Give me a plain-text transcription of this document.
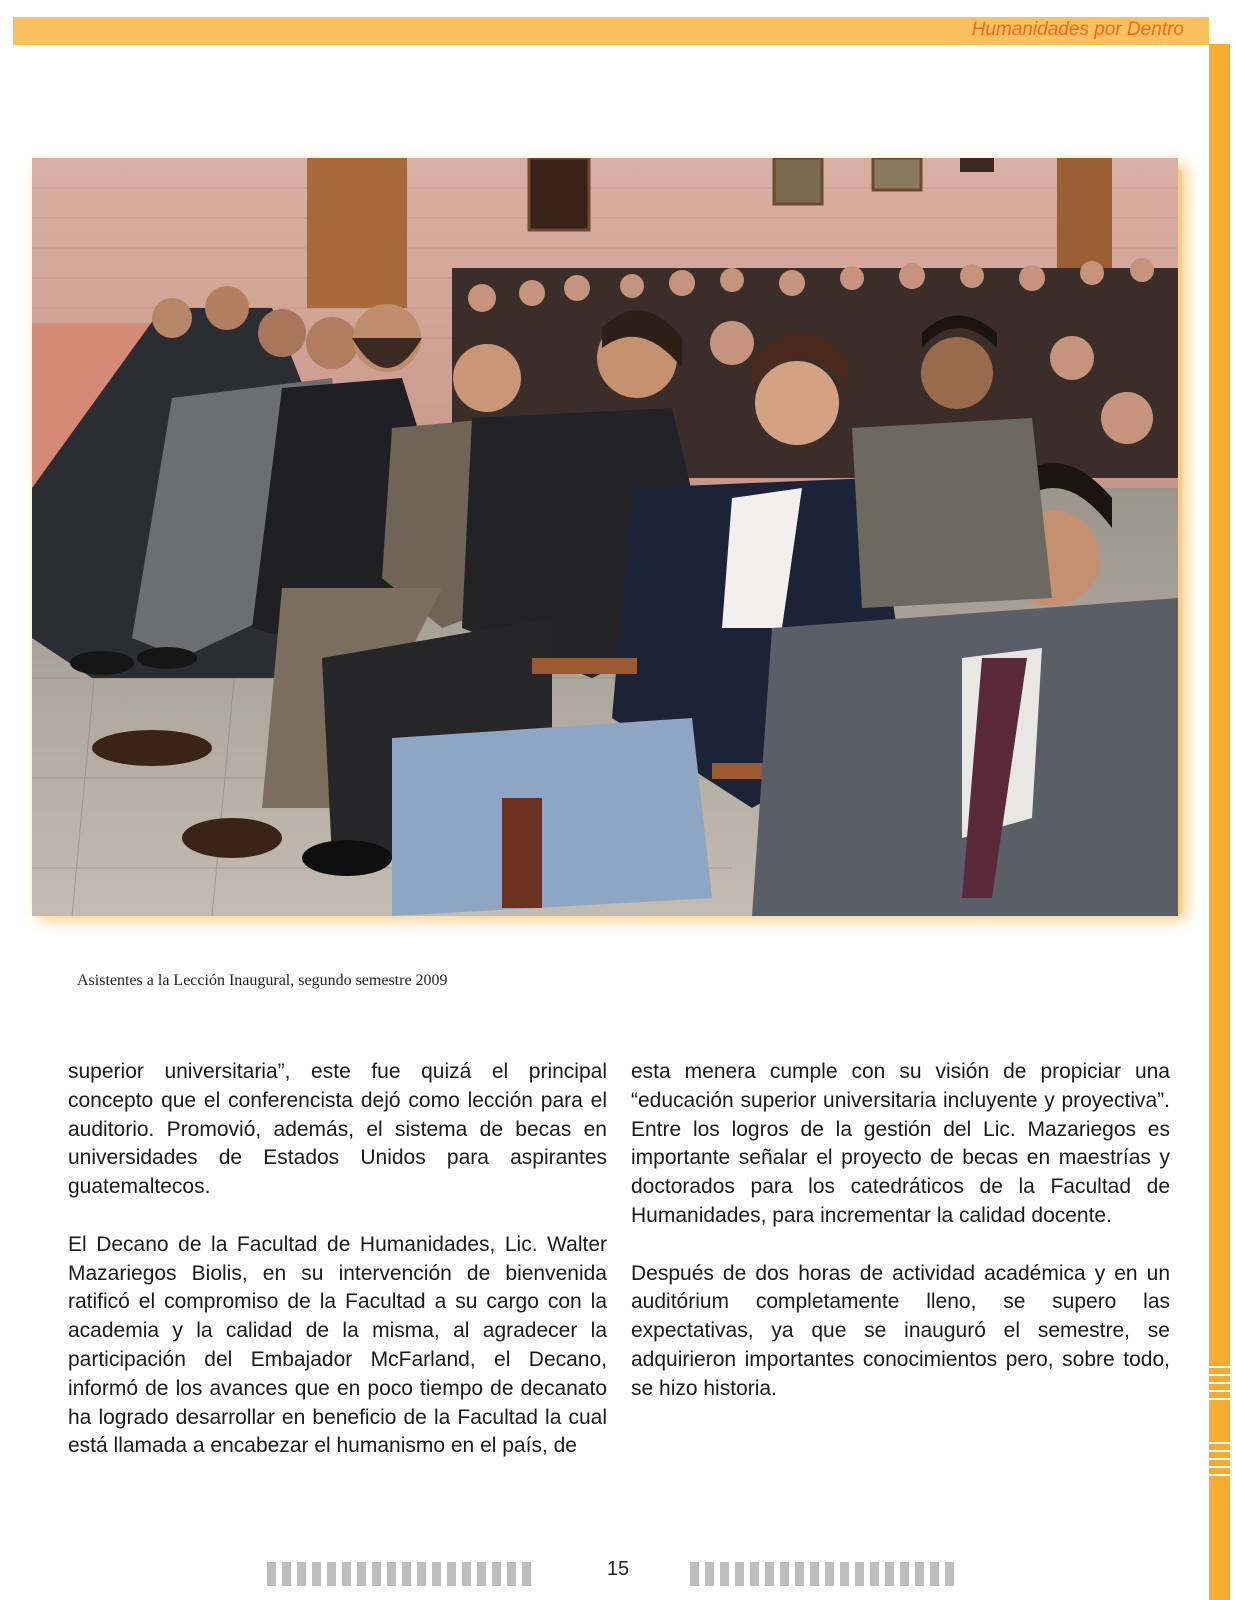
Humanidades por Dentro
Asistentes a la Lección Inaugural, segundo semestre 2009

superior universitaria”, este fue quizá el principal concepto que el conferencista dejó como lección para el auditorio. Promovió, además, el sistema de becas en universidades de Estados Unidos para aspirantes guatemaltecos.

El Decano de la Facultad de Humanidades, Lic. Walter Mazariegos Biolis, en su intervención de bienvenida ratificó el compromiso de la Facultad a su cargo con la academia y la calidad de la misma, al agradecer la participación del Embajador McFarland, el Decano, informó de los avances que en poco tiempo de decanato ha logrado desarrollar en beneficio de la Facultad la cual está llamada a encabezar el humanismo en el país, de

esta menera cumple con su visión de propiciar una “educación superior universitaria incluyente y proyectiva”. Entre los logros de la gestión del Lic. Mazariegos es importante señalar el proyecto de becas en maestrías y doctorados para los catedráticos de la Facultad de Humanidades, para incrementar la calidad docente.

Después de dos horas de actividad académica y en un auditórium completamente lleno, se supero las expectativas, ya que se inauguró el semestre, se adquirieron importantes conocimientos pero, sobre todo, se hizo historia.

15
